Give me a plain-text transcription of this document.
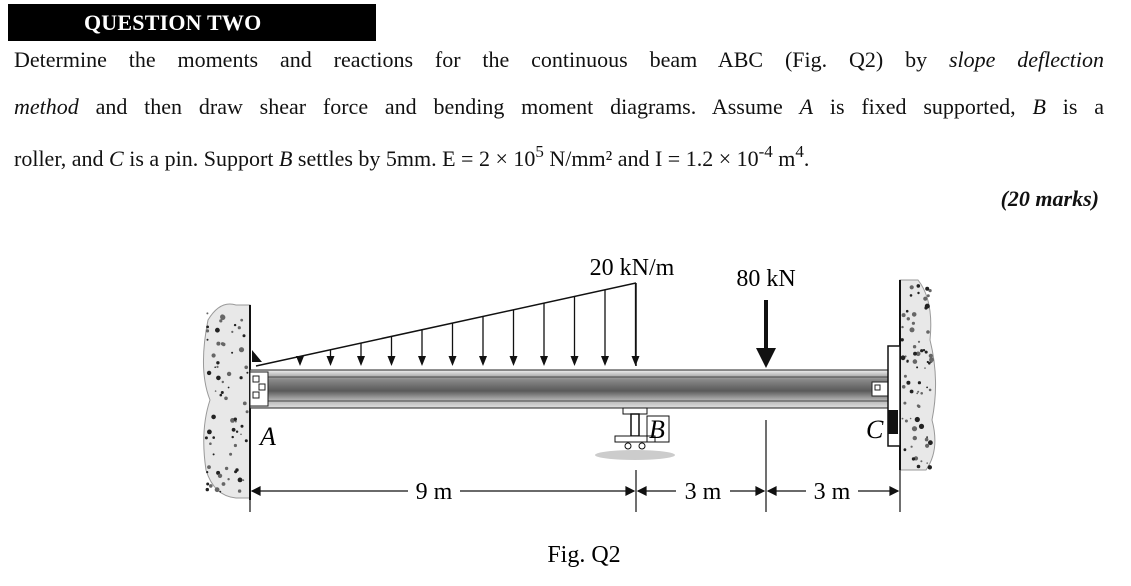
QUESTION TWO
Determine the moments and reactions for the continuous beam ABC (Fig. Q2) by slope deflection
method and then draw shear force and bending moment diagrams. Assume A is fixed supported, B is a
roller, and C is a pin. Support B settles by 5mm. $E = 2 \times 10^5$ N/mm² and $I = 1.2 \times 10^{-4}$ $m^4$.
(20 marks)
20 kN/m	80 kN
A	B	C
9 m	3 m	3 m
Fig. Q2
